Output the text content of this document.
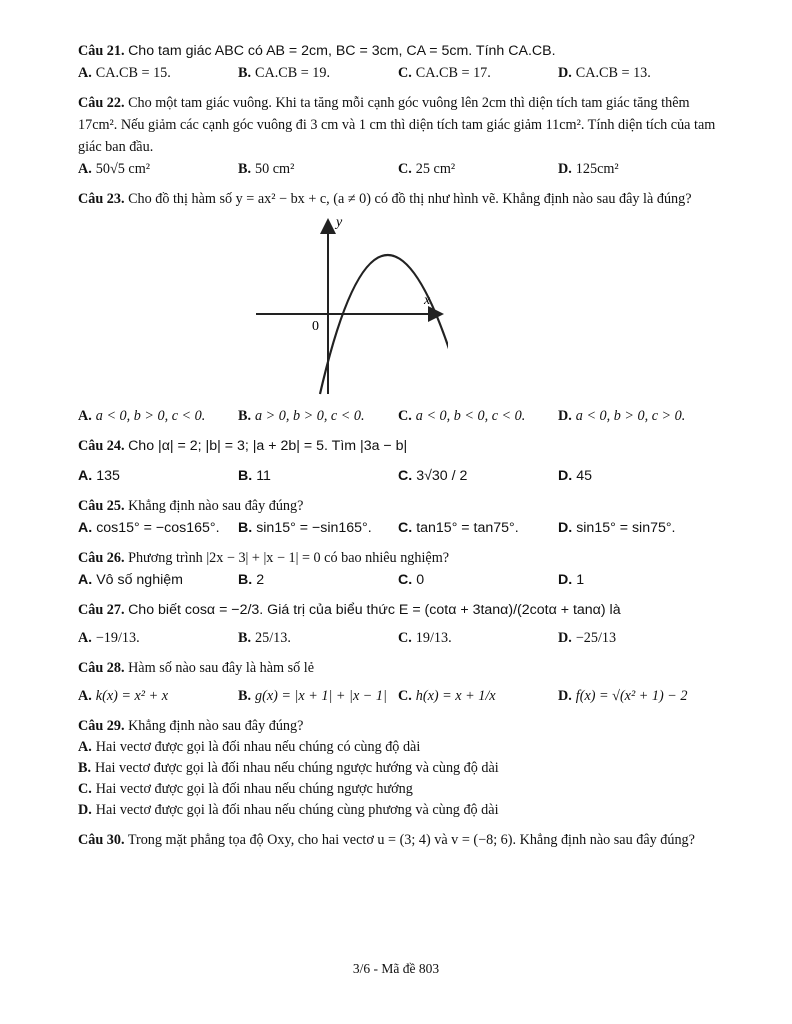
Câu 21. Cho tam giác ABC có AB = 2cm, BC = 3cm, CA = 5cm. Tính CA.CB.
A. CA.CB = 15.	B. CA.CB = 19.	C. CA.CB = 17.	D. CA.CB = 13.
Câu 22. Cho một tam giác vuông. Khi ta tăng mỗi cạnh góc vuông lên 2cm thì diện tích tam giác tăng thêm 17cm². Nếu giảm các cạnh góc vuông đi 3 cm và 1 cm thì diện tích tam giác giảm 11cm². Tính diện tích của tam giác ban đầu.
A. 50√5 cm²	B. 50 cm²	C. 25 cm²	D. 125cm²
Câu 23. Cho đồ thị hàm số y = ax² − bx + c, (a ≠ 0) có đồ thị như hình vẽ. Khẳng định nào sau đây là đúng?
y
x
0
A. a < 0, b > 0, c < 0.	B. a > 0, b > 0, c < 0.	C. a < 0, b < 0, c < 0.	D. a < 0, b > 0, c > 0.
Câu 24. Cho |α| = 2; |b| = 3; |a + 2b| = 5. Tìm |3a − b|
A. 135	B. 11	C. 3√30 / 2	D. 45
Câu 25. Khẳng định nào sau đây đúng?
A. cos15° = −cos165°.	B. sin15° = −sin165°.	C. tan15° = tan75°.	D. sin15° = sin75°.
Câu 26. Phương trình |2x − 3| + |x − 1| = 0 có bao nhiêu nghiệm?
A. Vô số nghiệm	B. 2	C. 0	D. 1
Câu 27. Cho biết cosα = −2/3. Giá trị của biểu thức E = (cotα + 3tanα)/(2cotα + tanα) là
A. −19/13.	B. 25/13.	C. 19/13.	D. −25/13
Câu 28. Hàm số nào sau đây là hàm số lẻ
A. k(x) = x² + x	B. g(x) = |x + 1| + |x − 1| C. h(x) = x + 1/x	D. f(x) = √(x² + 1) − 2
Câu 29. Khẳng định nào sau đây đúng?
A. Hai vectơ được gọi là đối nhau nếu chúng có cùng độ dài
B. Hai vectơ được gọi là đối nhau nếu chúng ngược hướng và cùng độ dài
C. Hai vectơ được gọi là đối nhau nếu chúng ngược hướng
D. Hai vectơ được gọi là đối nhau nếu chúng cùng phương và cùng độ dài
Câu 30. Trong mặt phẳng tọa độ Oxy, cho hai vectơ u = (3; 4) và v = (−8; 6). Khẳng định nào sau đây đúng?
3/6 - Mã đề 803
